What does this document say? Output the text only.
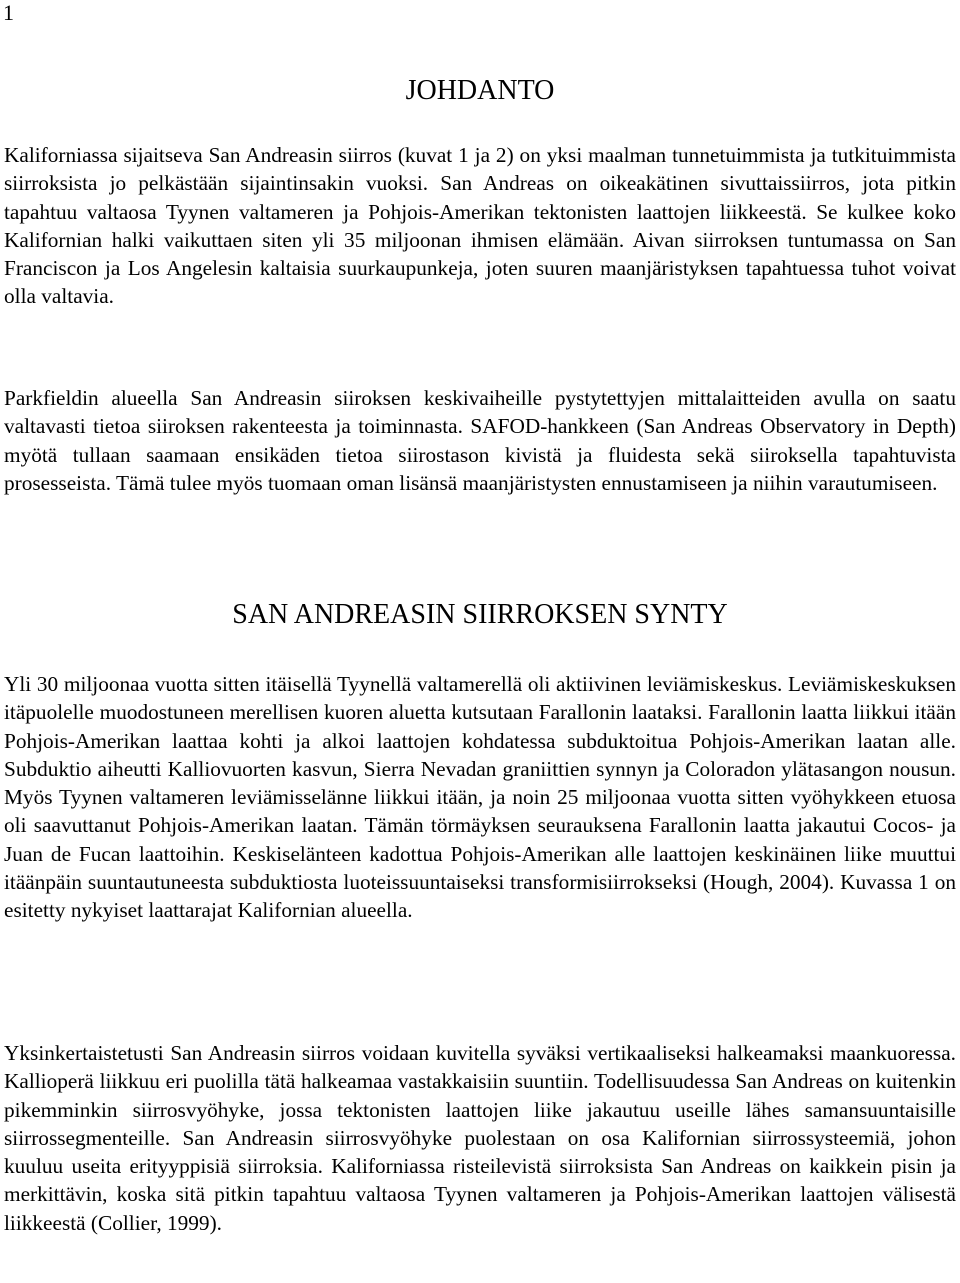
1
JOHDANTO

Kaliforniassa sijaitseva San Andreasin siirros (kuvat 1 ja 2) on yksi maalman tunnetuimmista ja tutkituimmista siirroksista jo pelkästään sijaintinsakin vuoksi. San Andreas on oikeakätinen sivuttaissiirros, jota pitkin tapahtuu valtaosa Tyynen valtameren ja Pohjois-Amerikan tektonisten laattojen liikkeestä. Se kulkee koko Kalifornian halki vaikuttaen siten yli 35 miljoonan ihmisen elämään. Aivan siirroksen tuntumassa on San Franciscon ja Los Angelesin kaltaisia suurkaupunkeja, joten suuren maanjäristyksen tapahtuessa tuhot voivat olla valtavia.

Parkfieldin alueella San Andreasin siiroksen keskivaiheille pystytettyjen mittalaitteiden avulla on saatu valtavasti tietoa siiroksen rakenteesta ja toiminnasta. SAFOD-hankkeen (San Andreas Observatory in Depth) myötä tullaan saamaan ensikäden tietoa siirostason kivistä ja fluidesta sekä siiroksella tapahtuvista prosesseista. Tämä tulee myös tuomaan oman lisänsä maanjäristysten ennustamiseen ja niihin varautumiseen.

SAN ANDREASIN SIIRROKSEN SYNTY

Yli 30 miljoonaa vuotta sitten itäisellä Tyynellä valtamerellä oli aktiivinen leviämiskeskus. Leviämiskeskuksen itäpuolelle muodostuneen merellisen kuoren aluetta kutsutaan Farallonin laataksi. Farallonin laatta liikkui itään Pohjois-Amerikan laattaa kohti ja alkoi laattojen kohdatessa subduktoitua Pohjois-Amerikan laatan alle. Subduktio aiheutti Kalliovuorten kasvun, Sierra Nevadan graniittien synnyn ja Coloradon ylätasangon nousun. Myös Tyynen valtameren leviämisselänne liikkui itään, ja noin 25 miljoonaa vuotta sitten vyöhykkeen etuosa oli saavuttanut Pohjois-Amerikan laatan. Tämän törmäyksen seurauksena Farallonin laatta jakautui Cocos- ja Juan de Fucan laattoihin. Keskiselänteen kadottua Pohjois-Amerikan alle laattojen keskinäinen liike muuttui itäänpäin suuntautuneesta subduktiosta luoteissuuntaiseksi transformisiirrokseksi (Hough, 2004). Kuvassa 1 on esitetty nykyiset laattarajat Kalifornian alueella.

Yksinkertaistetusti San Andreasin siirros voidaan kuvitella syväksi vertikaaliseksi halkeamaksi maankuoressa. Kallioperä liikkuu eri puolilla tätä halkeamaa vastakkaisiin suuntiin. Todellisuudessa San Andreas on kuitenkin pikemminkin siirrosvyöhyke, jossa tektonisten laattojen liike jakautuu useille lähes samansuuntaisille siirrossegmenteille. San Andreasin siirrosvyöhyke puolestaan on osa Kalifornian siirrossysteemiä, johon kuuluu useita erityyppisiä siirroksia. Kaliforniassa risteilevistä siirroksista San Andreas on kaikkein pisin ja merkittävin, koska sitä pitkin tapahtuu valtaosa Tyynen valtameren ja Pohjois-Amerikan laattojen välisestä liikkeestä (Collier, 1999).
